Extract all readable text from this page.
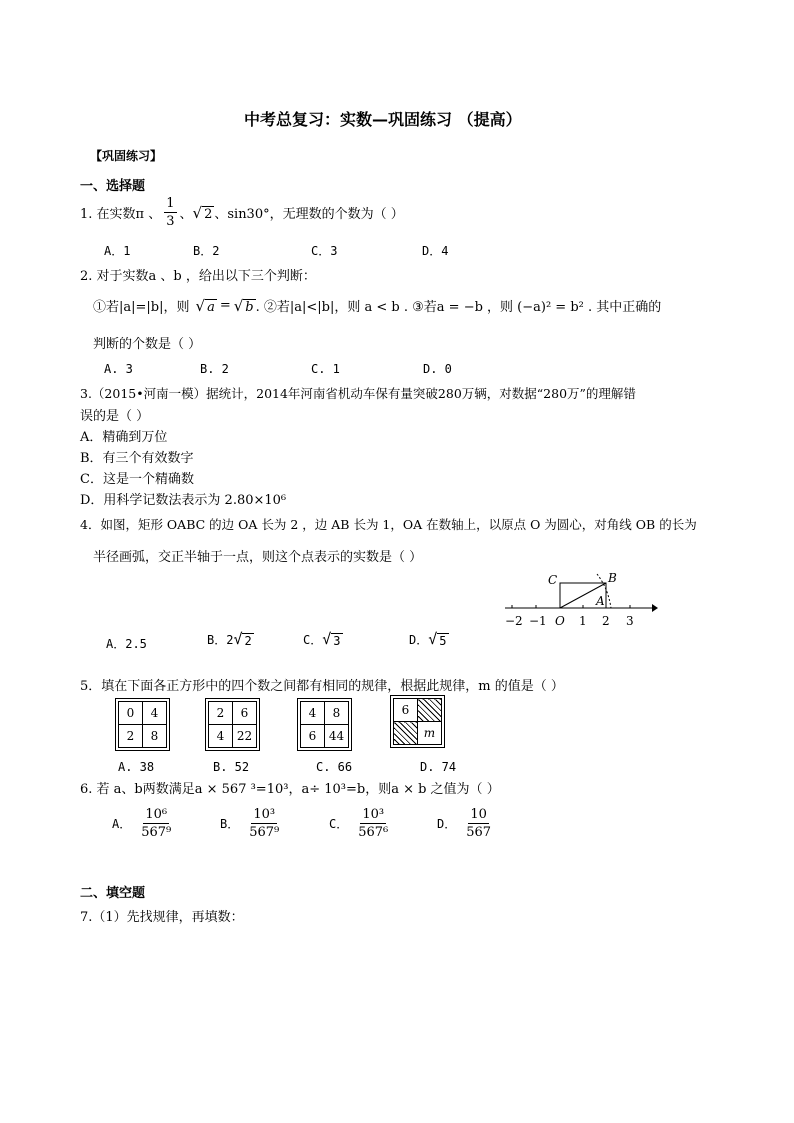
中考总复习：实数—巩固练习 （提高）
【巩固练习】
一、选择题
1. 在实数π 、 $\frac{1}{3}$ 、 √ 2 、sin30°，无理数的个数为（ ）
A．1	B．2	C．3	D．4
2. 对于实数a 、b ，给出以下三个判断：
①若|a|=|b|，则 √ a = √ b . ②若|a|<|b|，则 a < b . ③若a = −b ，则 (−a)² = b² . 其中正确的
判断的个数是（ ）
A. 3	B. 2	C. 1	D. 0
3.（2015•河南一模）据统计，2014年河南省机动车保有量突破280万辆，对数据“280万”的理解错
误的是（ ）
A．精确到万位
B．有三个有效数字
C．这是一个精确数
D．用科学记数法表示为 2.80×10⁶
4．如图，矩形 OABC 的边 OA 长为 2 ，边 AB 长为 1，OA 在数轴上，以原点 O 为圆心，对角线 OB 的长为
半径画弧，交正半轴于一点，则这个点表示的实数是（ ）
C	B
A
−2 −1 O 1 2 3
A．2.5	B．2 √ 2	C． √ 3	D． √ 5
5．填在下面各正方形中的四个数之间都有相同的规律，根据此规律，m 的值是（ ）
0	4
2	8
2	6
4	22
4	8
6	44
6	
	m
A. 38	B. 52	C. 66	D. 74
6. 若 a、b两数满足a × 567 ³=10³，a÷ 10³=b，则a × b 之值为（ ）
A． $\frac{\text{10⁶}}{\text{567⁹}}$	B． $\frac{\text{10³}}{\text{567⁹}}$	C． $\frac{\text{10³}}{\text{567⁶}}$	D． $\frac{10}{567}$
二、填空题
7.（1）先找规律，再填数：
